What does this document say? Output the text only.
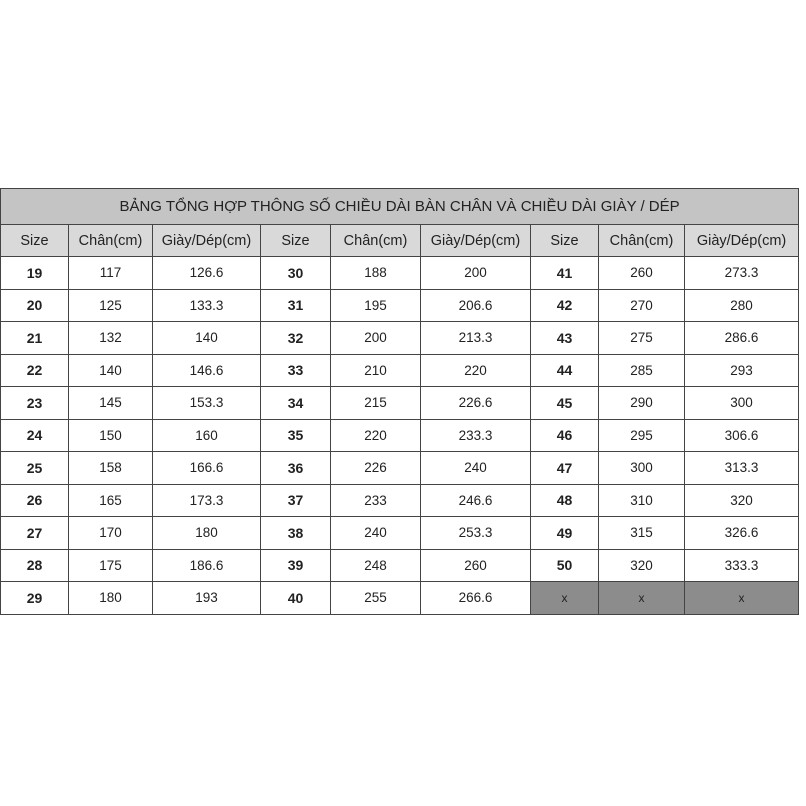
BẢNG TỔNG HỢP THÔNG SỐ CHIỀU DÀI BÀN CHÂN VÀ CHIỀU DÀI GIÀY / DÉP								
Size	Chân(cm)	Giày/Dép(cm)	Size	Chân(cm)	Giày/Dép(cm)	Size	Chân(cm)	Giày/Dép(cm)
19	117	126.6	30	188	200	41	260	273.3
20	125	133.3	31	195	206.6	42	270	280
21	132	140	32	200	213.3	43	275	286.6
22	140	146.6	33	210	220	44	285	293
23	145	153.3	34	215	226.6	45	290	300
24	150	160	35	220	233.3	46	295	306.6
25	158	166.6	36	226	240	47	300	313.3
26	165	173.3	37	233	246.6	48	310	320
27	170	180	38	240	253.3	49	315	326.6
28	175	186.6	39	248	260	50	320	333.3
29	180	193	40	255	266.6	x	x	x
